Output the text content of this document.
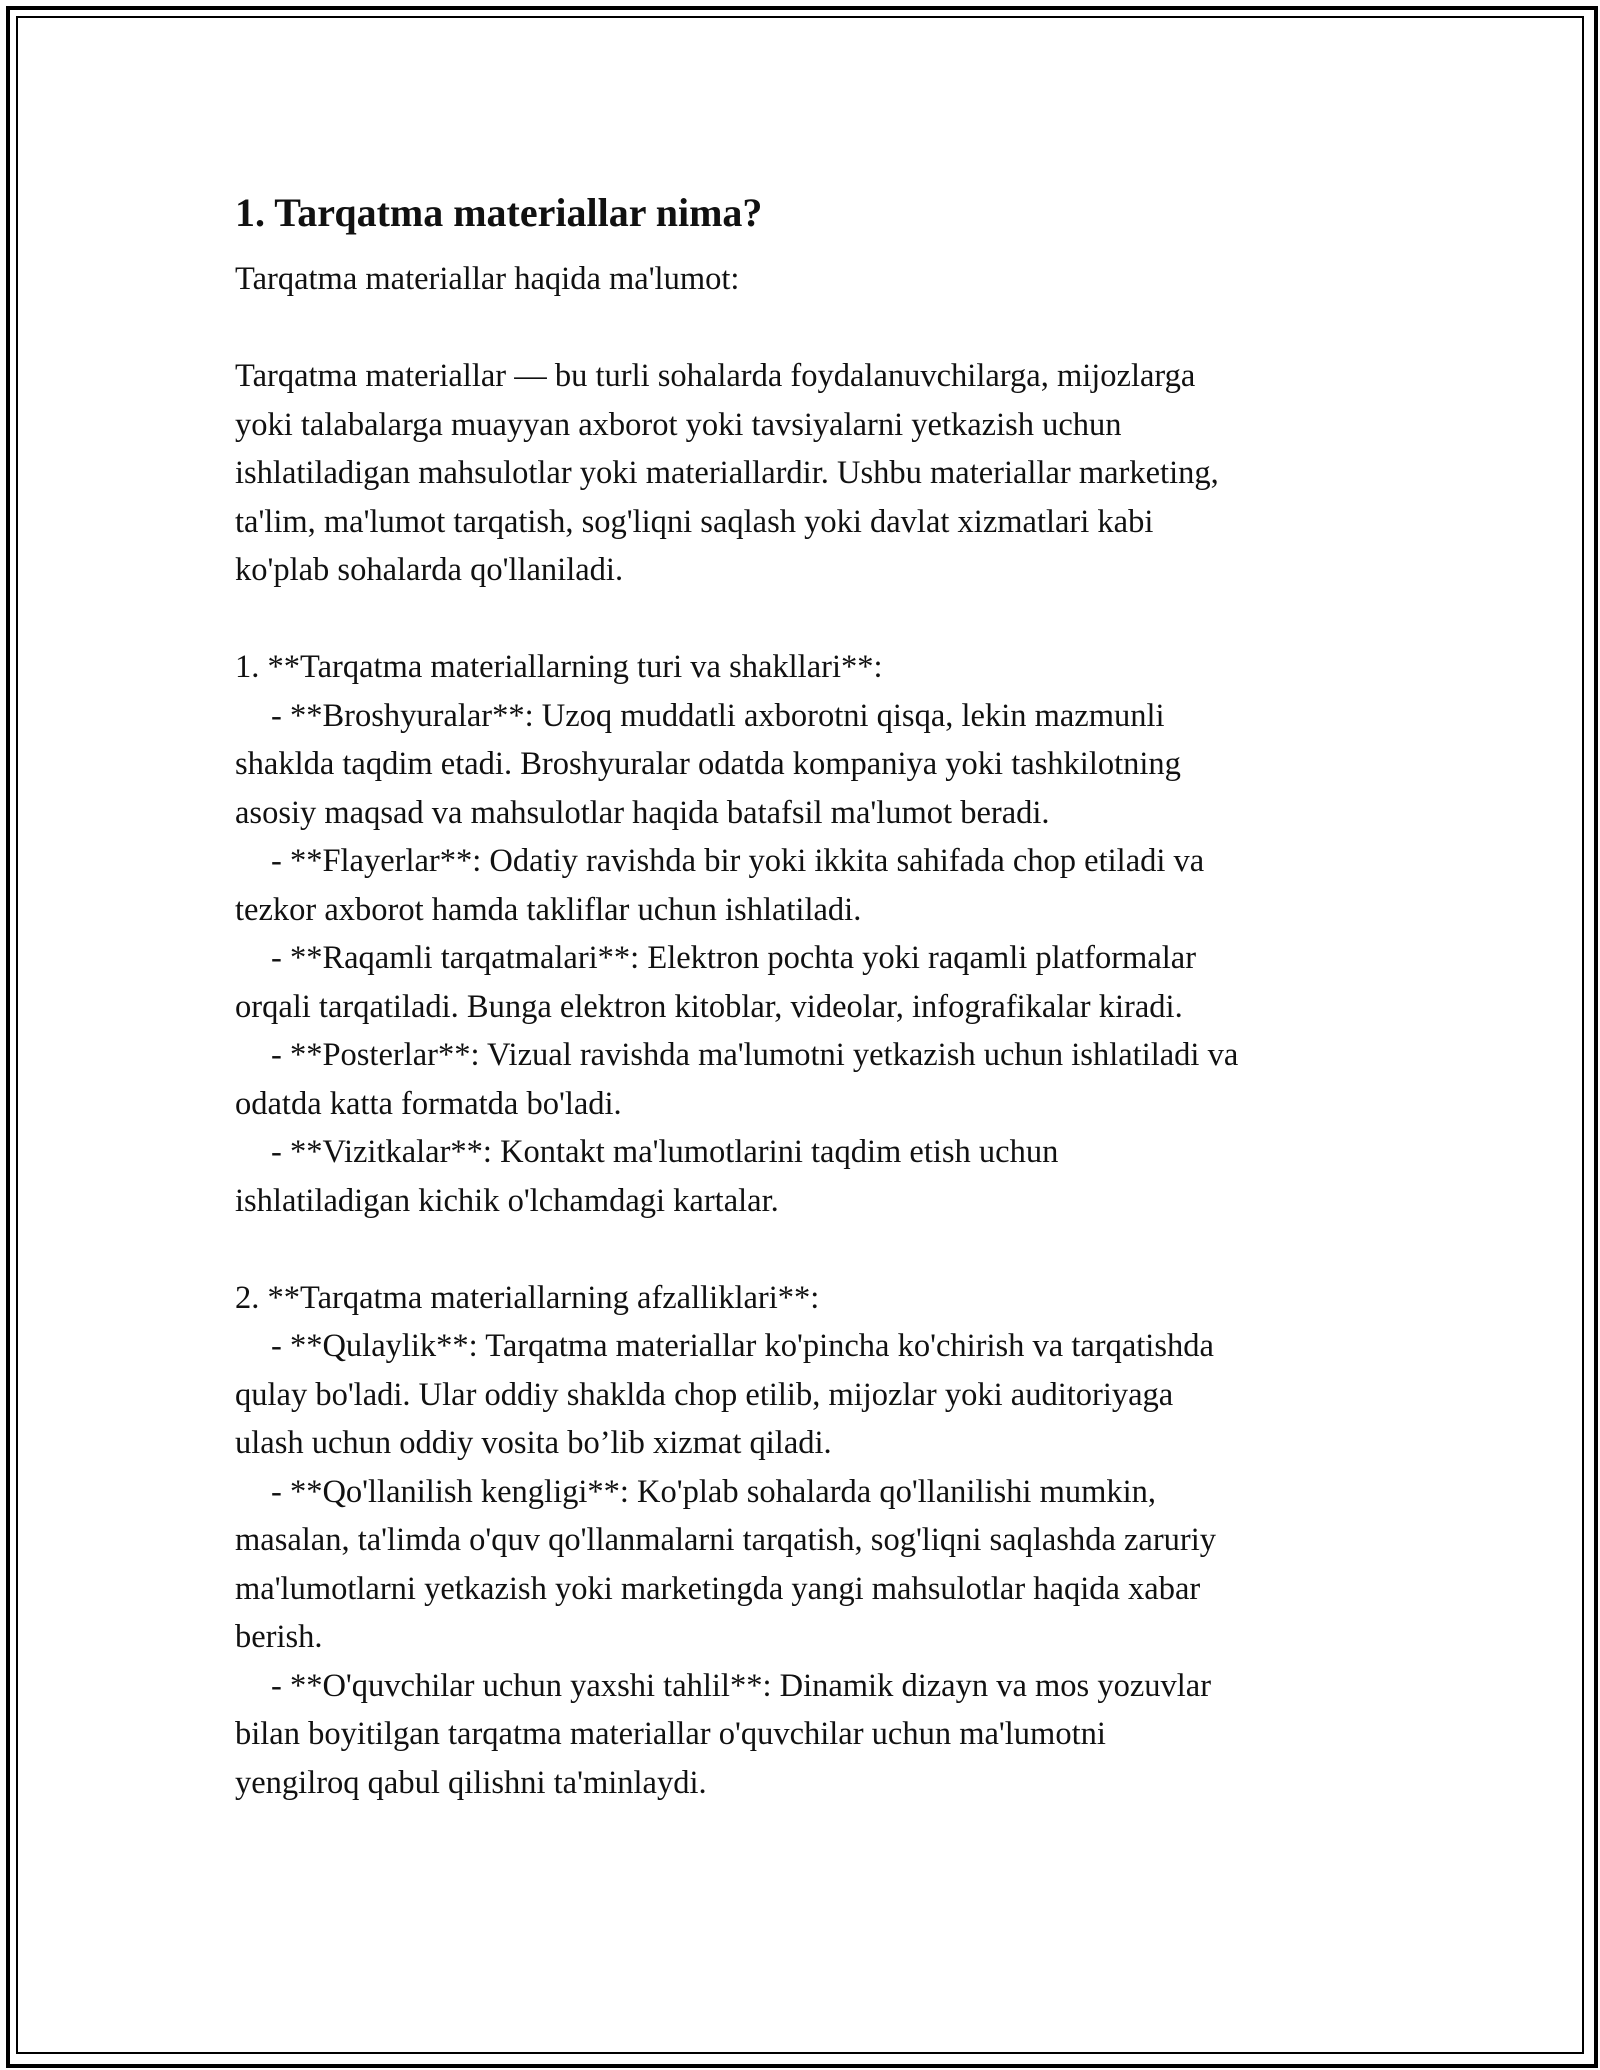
1. Tarqatma materiallar nima?

Tarqatma materiallar haqida ma'lumot:

Tarqatma materiallar — bu turli sohalarda foydalanuvchilarga, mijozlarga

yoki talabalarga muayyan axborot yoki tavsiyalarni yetkazish uchun

ishlatiladigan mahsulotlar yoki materiallardir. Ushbu materiallar marketing,

ta'lim, ma'lumot tarqatish, sog'liqni saqlash yoki davlat xizmatlari kabi

ko'plab sohalarda qo'llaniladi.

1. **Tarqatma materiallarning turi va shakllari**:

- **Broshyuralar**: Uzoq muddatli axborotni qisqa, lekin mazmunli

shaklda taqdim etadi. Broshyuralar odatda kompaniya yoki tashkilotning

asosiy maqsad va mahsulotlar haqida batafsil ma'lumot beradi.

- **Flayerlar**: Odatiy ravishda bir yoki ikkita sahifada chop etiladi va

tezkor axborot hamda takliflar uchun ishlatiladi.

- **Raqamli tarqatmalari**: Elektron pochta yoki raqamli platformalar

orqali tarqatiladi. Bunga elektron kitoblar, videolar, infografikalar kiradi.

- **Posterlar**: Vizual ravishda ma'lumotni yetkazish uchun ishlatiladi va

odatda katta formatda bo'ladi.

- **Vizitkalar**: Kontakt ma'lumotlarini taqdim etish uchun

ishlatiladigan kichik o'lchamdagi kartalar.

2. **Tarqatma materiallarning afzalliklari**:

- **Qulaylik**: Tarqatma materiallar ko'pincha ko'chirish va tarqatishda

qulay bo'ladi. Ular oddiy shaklda chop etilib, mijozlar yoki auditoriyaga

ulash uchun oddiy vosita bo’lib xizmat qiladi.

- **Qo'llanilish kengligi**: Ko'plab sohalarda qo'llanilishi mumkin,

masalan, ta'limda o'quv qo'llanmalarni tarqatish, sog'liqni saqlashda zaruriy

ma'lumotlarni yetkazish yoki marketingda yangi mahsulotlar haqida xabar

berish.

- **O'quvchilar uchun yaxshi tahlil**: Dinamik dizayn va mos yozuvlar

bilan boyitilgan tarqatma materiallar o'quvchilar uchun ma'lumotni

yengilroq qabul qilishni ta'minlaydi.
